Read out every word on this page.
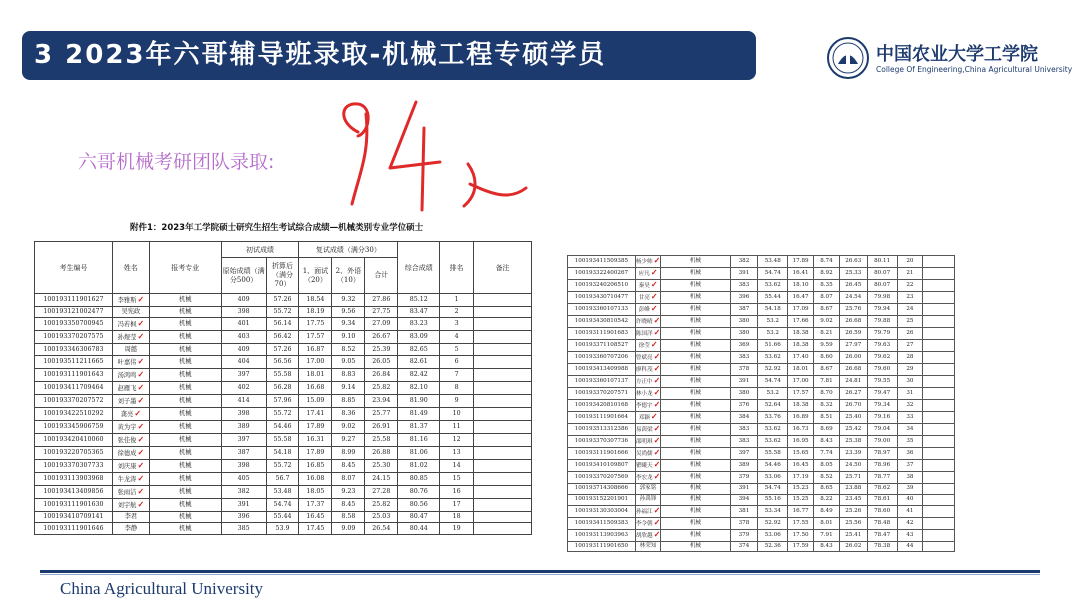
3 2023年六哥辅导班录取-机械工程专硕学员	中国农业大学工学院
College Of Engineering,China Agricultural University
六哥机械考研团队录取:
附件1：2023年工学院硕士研究生招生考试综合成绩—机械类别专业学位硕士
考生编号	姓名	报考专业	初试成绩		复试成绩（满分30）			综合成绩	排名	备注
			原始成绩（满分500）	折算后（满分70）	1、面试（20）	2、外语（10）	合计			
100193111901627	李雅斯✓	机械	409	57.26	18.54	9.32	27.86	85.12	1	
100193121002477	吴宪政	机械	398	55.72	18.19	9.56	27.75	83.47	2	
100193350700945	冯若枫✓	机械	401	56.14	17.75	9.34	27.09	83.23	3	
100193370207575	孙煜莹✓	机械	403	56.42	17.57	9.10	26.67	83.09	4	
100193346306783	周懿	机械	409	57.26	16.87	8.52	25.39	82.65	5	
100193511211665	叶嘉伟✓	机械	404	56.56	17.00	9.05	26.05	82.61	6	
100193111901643	汤鸿鸣✓	机械	397	55.58	18.01	8.83	26.84	82.42	7	
100193411709464	赵雁飞✓	机械	402	56.28	16.68	9.14	25.82	82.10	8	
100193370207572	刘子墨✓	机械	414	57.96	15.09	8.85	23.94	81.90	9	
100193422510292	龚亮✓	机械	398	55.72	17.41	8.36	25.77	81.49	10	
100193345906759	黄为宇✓	机械	389	54.46	17.89	9.02	26.91	81.37	11	
100193420410060	张佳俊✓	机械	397	55.58	16.31	9.27	25.58	81.16	12	
100193220705365	徐德成✓	机械	387	54.18	17.89	8.99	26.88	81.06	13	
100193370307733	刘庆康✓	机械	398	55.72	16.85	8.45	25.30	81.02	14	
100193113903968	牛龙涛✓	机械	405	56.7	16.08	8.07	24.15	80.85	15	
100193413409856	张雨洁✓	机械	382	53.48	18.05	9.23	27.28	80.76	16	
100193111901630	刘宇航✓	机械	391	54.74	17.37	8.45	25.82	80.56	17	
100193410709141	李君	机械	396	55.44	16.45	8.58	25.03	80.47	18	
100193111901646	李静	机械	385	53.9	17.45	9.09	26.54	80.44	19	
100193411509385	杨少帅✓	机械	382	53.48	17.89	8.74	26.63	80.11	20	
100193322400267	应凡✓	机械	391	54.74	16.41	8.92	25.33	80.07	21	
100193240206510	秦昊✓	机械	383	53.62	18.10	8.35	26.45	80.07	22	
100193430710477	甘亮✓	机械	396	55.44	16.47	8.07	24.54	79.98	23	
100193360107133	彭峰✓	机械	387	54.18	17.09	8.67	25.76	79.94	24	
100193430810542	许晓晴✓	机械	380	53.2	17.66	9.02	26.68	79.88	25	
100193111901683	陈国洋✓	机械	380	53.2	18.38	8.21	26.59	79.79	26	
100193371108527	徐莹✓	机械	369	51.66	18.38	9.59	27.97	79.63	27	
100193360707206	曾斌亮✓	机械	383	53.62	17.40	8.60	26.00	79.62	28	
100193413409988	廖科茂✓	机械	378	52.92	18.01	8.67	26.68	79.60	29	
100193360107137	方正中✓	机械	391	54.74	17.00	7.81	24.81	79.55	30	
100193370207571	林小龙✓	机械	380	53.2	17.57	8.70	26.27	79.47	31	
100193420810168	李德宇✓	机械	376	52.64	18.38	8.32	26.70	79.34	32	
100193111901664	邓颖✓	机械	384	53.76	16.89	8.51	25.40	79.16	33	
100193513312386	易茵梁✓	机械	383	53.62	16.73	8.69	25.42	79.04	34	
100193370307736	邵明琪✓	机械	383	53.62	16.95	8.43	25.38	79.00	35	
100193111901666	吴尚儒✓	机械	397	55.58	15.65	7.74	23.39	78.97	36	
100193410109807	瞿曦天✓	机械	389	54.46	16.45	8.05	24.50	78.96	37	
100193370207569	李宏龙✓	机械	379	53.06	17.19	8.52	25.71	78.77	38	
100193714308666	郭家铭	机械	391	54.74	15.23	8.65	23.88	78.62	39	
100193152201901	孙禹锋	机械	394	55.16	15.25	8.22	23.45	78.61	40	
100193130303004	孙福江✓	机械	381	53.34	16.77	8.49	25.26	78.60	41	
100193411509383	李令朝✓	机械	378	52.92	17.55	8.01	25.56	78.48	42	
100193113903963	胡欣越✓	机械	379	53.06	17.50	7.91	25.41	78.47	43	
100193111901650	林荣知	机械	374	52.36	17.59	8.43	26.02	78.38	44	
China Agricultural University
